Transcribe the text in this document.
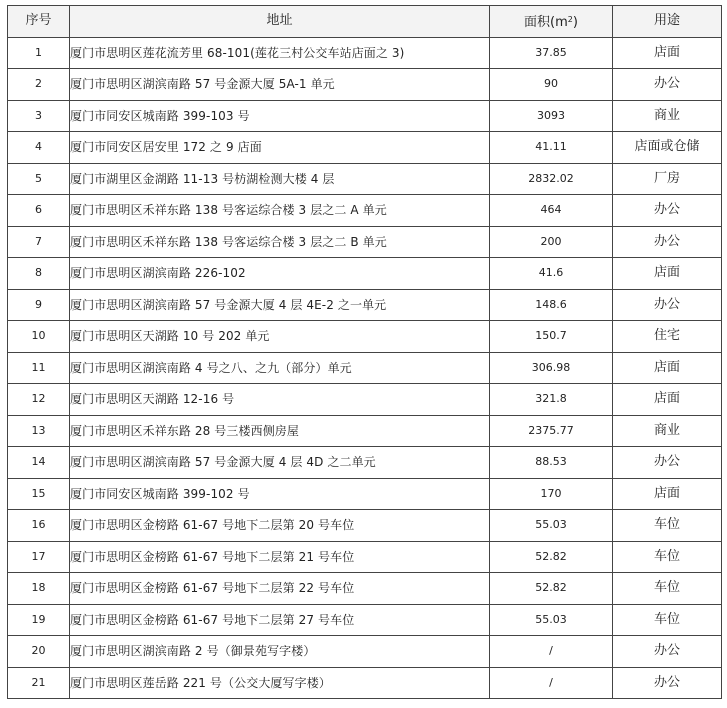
序号	地址	面积$(m^2)$	用途
1	厦门市思明区莲花流芳里 68-101(莲花三村公交车站店面之 3)	37.85	店面
2	厦门市思明区湖滨南路 57 号金源大厦 5A-1 单元	90	办公
3	厦门市同安区城南路 399-103 号	3093	商业
4	厦门市同安区居安里 172 之 9 店面	41.11	店面或仓储
5	厦门市湖里区金湖路 11-13 号枋湖检测大楼 4 层	2832.02	厂房
6	厦门市思明区禾祥东路 138 号客运综合楼 3 层之二 A 单元	464	办公
7	厦门市思明区禾祥东路 138 号客运综合楼 3 层之二 B 单元	200	办公
8	厦门市思明区湖滨南路 226-102	41.6	店面
9	厦门市思明区湖滨南路 57 号金源大厦 4 层 4E-2 之一单元	148.6	办公
10	厦门市思明区天湖路 10 号 202 单元	150.7	住宅
11	厦门市思明区湖滨南路 4 号之八、之九（部分）单元	306.98	店面
12	厦门市思明区天湖路 12-16 号	321.8	店面
13	厦门市思明区禾祥东路 28 号三楼西侧房屋	2375.77	商业
14	厦门市思明区湖滨南路 57 号金源大厦 4 层 4D 之二单元	88.53	办公
15	厦门市同安区城南路 399-102 号	170	店面
16	厦门市思明区金榜路 61-67 号地下二层第 20 号车位	55.03	车位
17	厦门市思明区金榜路 61-67 号地下二层第 21 号车位	52.82	车位
18	厦门市思明区金榜路 61-67 号地下二层第 22 号车位	52.82	车位
19	厦门市思明区金榜路 61-67 号地下二层第 27 号车位	55.03	车位
20	厦门市思明区湖滨南路 2 号（御景苑写字楼）	/	办公
21	厦门市思明区莲岳路 221 号（公交大厦写字楼）	/	办公
